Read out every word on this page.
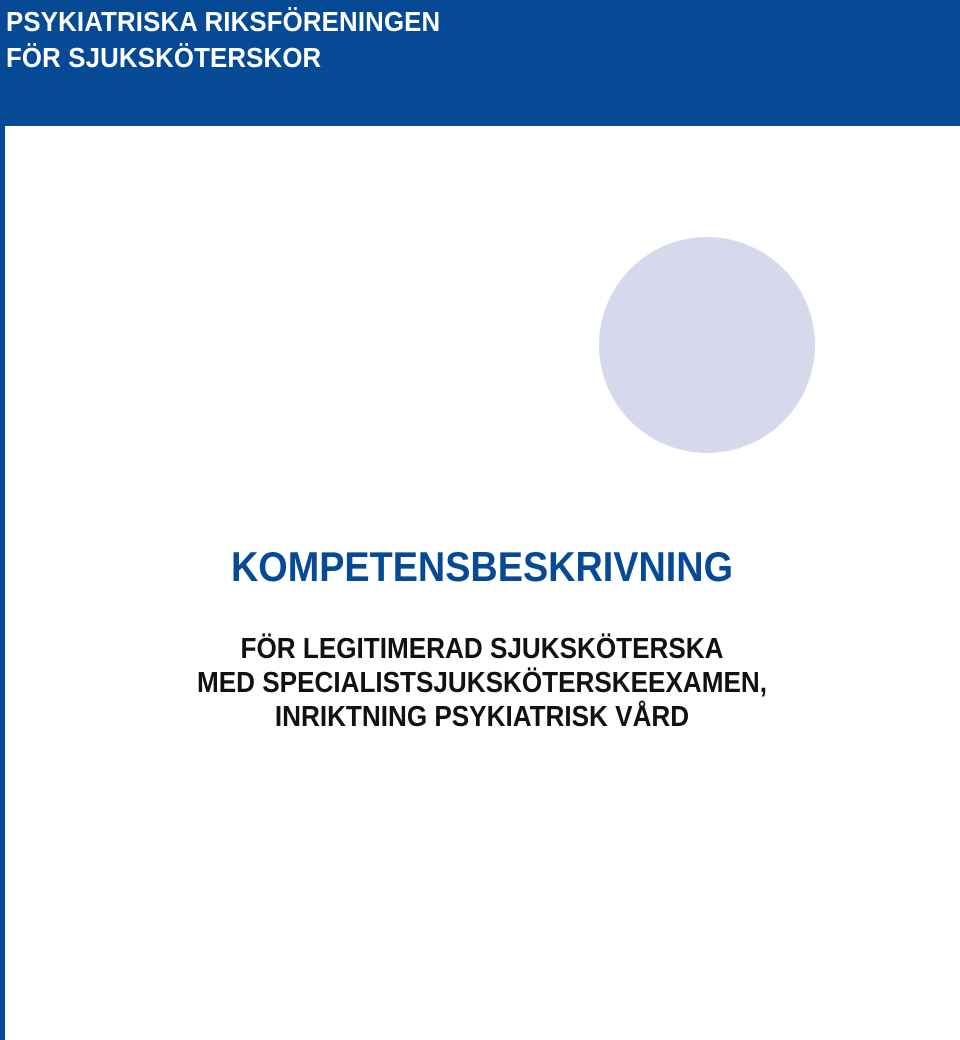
PSYKIATRISKA RIKSFÖRENINGEN
FÖR SJUKSKÖTERSKOR
KOMPETENSBESKRIVNING
FÖR LEGITIMERAD SJUKSKÖTERSKA
MED SPECIALISTSJUKSKÖTERSKEEXAMEN,
INRIKTNING PSYKIATRISK VÅRD
